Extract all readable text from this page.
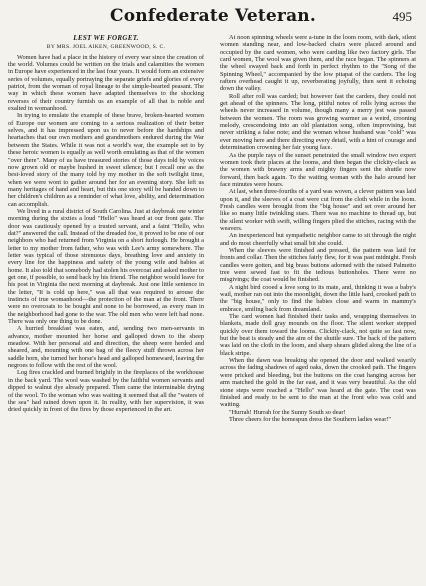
Confederate Veteran.	495
LEST WE FORGET.
BY MRS. JOEL AIKEN, GREENWOOD, S. C.

Women have had a place in the history of every war since the creation of the world. Volumes could be written on the trials and calamities the women in Europe have experienced in the last four years. It would form an extensive series of volumes, equally portraying the separate griefs and glories of every patriot, from the woman of royal lineage to the simple-hearted peasant. The way in which these women have adapted themselves to the shocking reverses of their country furnish us an example of all that is noble and exalted in womanhood.

In trying to emulate the example of these brave, broken-hearted women of Europe our women are coming to a serious realization of their better selves, and it has impressed upon us to never before the hardships and heartaches that our own mothers and grandmothers endured during the War between the States. While it was not a world's war, the example set to by these heroic women is equally as well worth emulating as that of the women "over there". Many of us have treasured stories of those days told by voices now grown old or maybe hushed in sweet silence; but I recall one as the best-loved story of the many told by my mother in the soft twilight time, when we were wont to gather around her for an evening story. She left us many heritages of hand and heart, but this one story will be handed down to her children's children as a reminder of what love, ability, and determination can accomplish.

We lived in a rural district of South Carolina. Just at daybreak one winter morning during the sixties a loud "Hello" was heard at our front gate. The door was cautiously opened by a trusted servant, and a faint "Hello, who dat?" answered the call. Instead of the dreaded foe, it proved to be one of our neighbors who had returned from Virginia on a short furlough. He brought a letter to my mother from father, who was with Lee's army somewhere. The letter was typical of those strenuous days, breathing love and anxiety in every line for the happiness and safety of the young wife and babies at home. It also told that somebody had stolen his overcoat and asked mother to get one, if possible, to send back by his friend. The neighbor would leave for his post in Virginia the next morning at daybreak. Just one little sentence in the letter, "It is cold up here," was all that was required to arouse the instincts of true womanhood—the protection of the man at the front. There were no overcoats to be bought and none to be borrowed, as every man in the neighborhood had gone to the war. The old men who were left had none. There was only one thing to be done.

A hurried breakfast was eaten, and, sending two men-servants in advance, mother mounted her horse and galloped down to the sheep meadow. With her personal aid and direction, the sheep were herded and sheared, and, mounting with one bag of the fleecy stuff thrown across her saddle horn, she turned her horse's head and galloped homeward, leaving the negroes to follow with the rest of the wool.

Log fires crackled and burned brightly in the fireplaces of the workhouse in the back yard. The wool was washed by the faithful women servants and dipped to walnut dye already prepared. Then came the interminable drying of the wool. To the woman who was waiting it seemed that all the "waters of the sea" had rained down upon it. In reality, with her supervision, it was dried quickly in front of the fires by those experienced in the art.

At noon spinning wheels were a-tune in the loom room, with dark, silent women standing near, and low-backed chairs were placed around and occupied by the card women, who were carding like two factory girls. The card women, The wool was given them, and the race began. The spinners at the wheel swayed back and forth in perfect rhythm to the "Song of the Spinning Wheel," accompanied by the low pitapat of the carders. The log rafters overhead caught it up, reverberating joyfully, then sent it echoing down the valley.

Roll after roll was carded; but however fast the carders, they could not get ahead of the spinners. The long, pitiful notes of rolls lying across the wheels never increased in volume, though many a merry jest was passed between the women. The room was growing warmer as a weird, crooning melody, crescendoing into an old plantation song, often improvising, but never striking a false note; and the woman whose husband was "cold" was ever moving here and there directing every detail, with a hint of courage and determination crowning her fair young face.

As the purple rays of the sunset penetrated the small window two expert women took their places at the looms, and then began the clickity-clack as the women with brawny arms and mighty fingers sent the shuttle now forward, then back again. To the waiting woman with the halo around her face minutes were hours.

At last, when three-fourths of a yard was woven, a clever pattern was laid upon it, and the sleeves of a coat were cut from the cloth while in the loom. Fresh candles were brought from the "big house" and set over around her like so many little twinkling stars. There was no machine to thread up, but the silent worker with swift, willing fingers plied the stitches, racing with the weavers.

An inexperienced but sympathetic neighbor came to sit through the night and do most cheerfully what small bit she could.

When the sleeves were finished and pressed, the pattern was laid for fronts and collar. Then the stitches fairly flew, for it was past midnight. Fresh candles were gotten, and big brass buttons adorned with the raised Palmetto tree were sewed fast to fit the tedious buttonholes. There were no misgivings; the coat would be finished.

A night bird cooed a love song to its mate, and, thinking it was a baby's wail, mother ran out into the moonlight, down the little hard, crooked path to the "big house," only to find the babies close and warm in mammy's embrace, smiling back from dreamland.

The card women had finished their tasks and, wrapping themselves in blankets, made doll gray mounds on the floor. The silent worker stepped quickly over them toward the looms. Clickity-clack, not quite so fast now, but the beat is steady and the aim of the shuttle sure. The back of the pattern was laid on the cloth in the loom, and sharp shears glided along the line of a black stripe.

When the dawn was breaking she opened the door and walked wearily across the fading shadows of aged oaks, down the crooked path. The fingers were pricked and bleeding, but the buttons on the coat hanging across her arm matched the gold in the far east, and it was very beautiful. As the old stone steps were reached a "Hello" was heard at the gate. The coat was finished and ready to be sent to the man at the front who was cold and waiting.

"Hurrah! Hurrah for the Sunny South so dear!

Three cheers for the homespun dress the Southern ladies wear!"
